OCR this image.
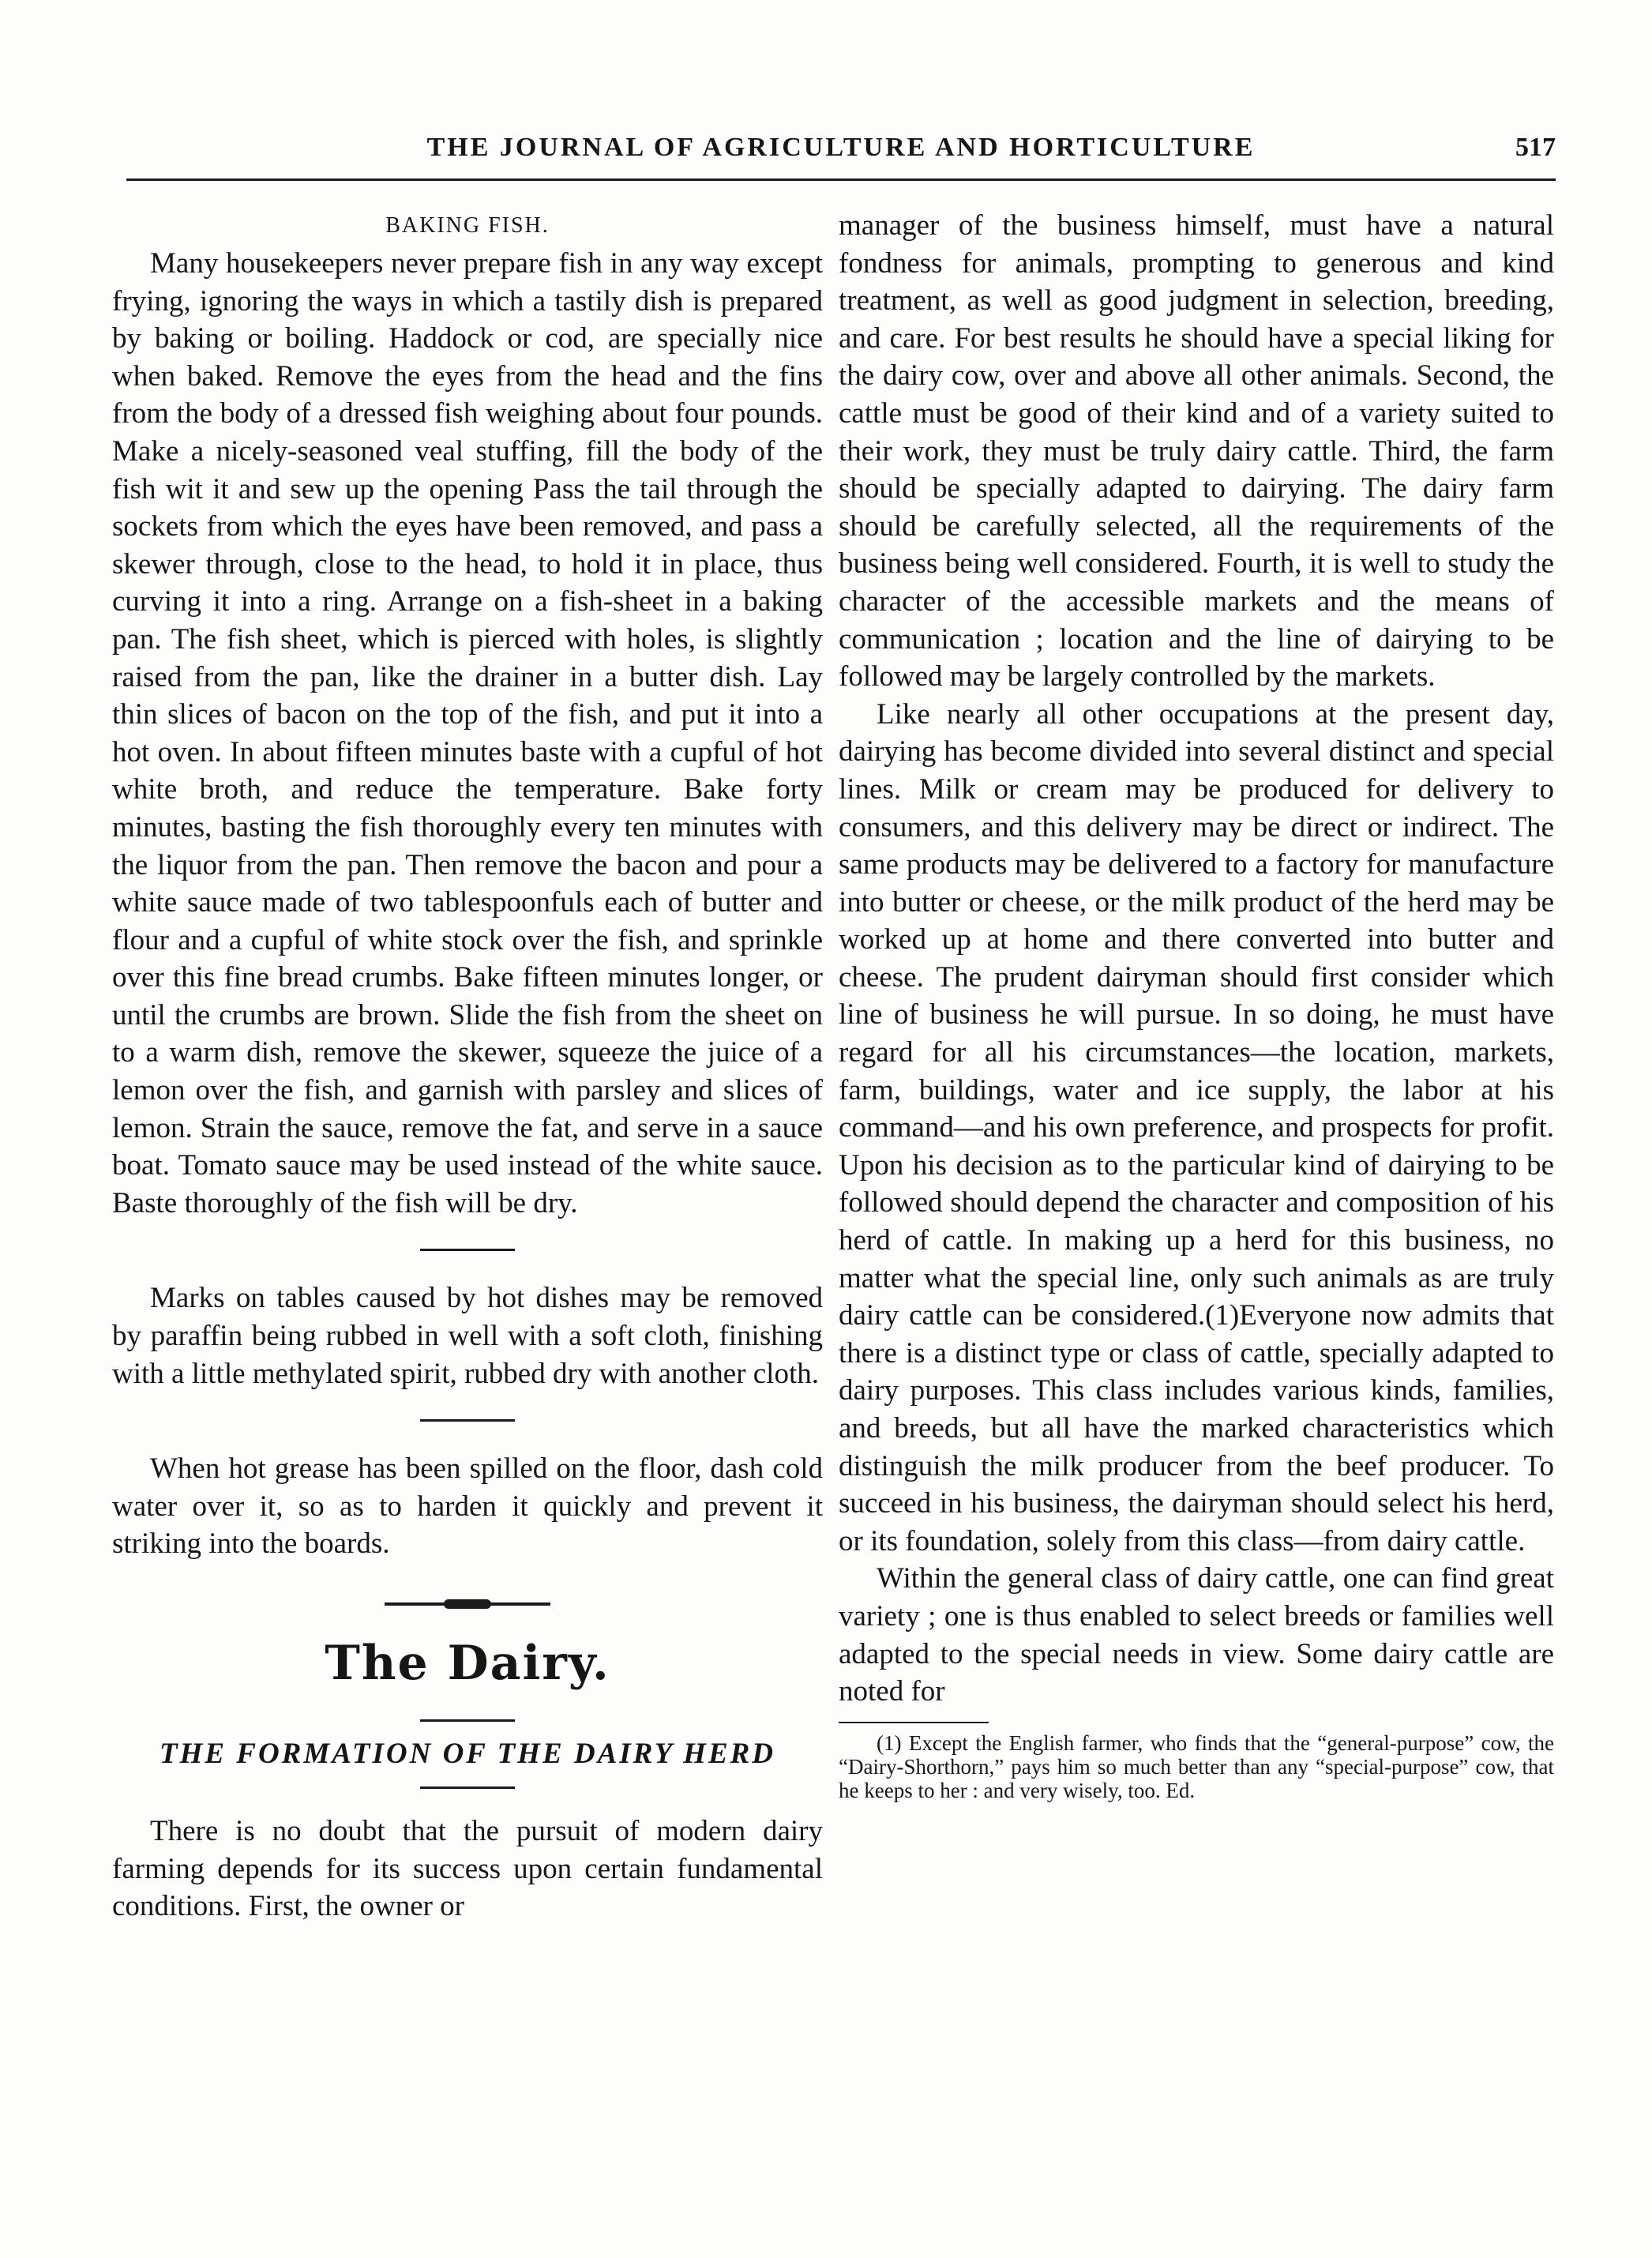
THE JOURNAL OF AGRICULTURE AND HORTICULTURE	517

BAKING FISH.

Many housekeepers never prepare fish in any way except frying, ignoring the ways in which a tastily dish is prepared by baking or boiling. Haddock or cod, are specially nice when baked. Remove the eyes from the head and the fins from the body of a dressed fish weighing about four pounds. Make a nicely-seasoned veal stuffing, fill the body of the fish wit it and sew up the opening Pass the tail through the sockets from which the eyes have been removed, and pass a skewer through, close to the head, to hold it in place, thus curving it into a ring. Arrange on a fish-sheet in a baking pan. The fish sheet, which is pierced with holes, is slightly raised from the pan, like the drainer in a butter dish. Lay thin slices of bacon on the top of the fish, and put it into a hot oven. In about fifteen minutes baste with a cupful of hot white broth, and reduce the temperature. Bake forty minutes, basting the fish thoroughly every ten minutes with the liquor from the pan. Then remove the bacon and pour a white sauce made of two tablespoonfuls each of butter and flour and a cupful of white stock over the fish, and sprinkle over this fine bread crumbs. Bake fifteen minutes longer, or until the crumbs are brown. Slide the fish from the sheet on to a warm dish, remove the skewer, squeeze the juice of a lemon over the fish, and garnish with parsley and slices of lemon. Strain the sauce, remove the fat, and serve in a sauce boat. Tomato sauce may be used instead of the white sauce. Baste thoroughly of the fish will be dry.

Marks on tables caused by hot dishes may be removed by paraffin being rubbed in well with a soft cloth, finishing with a little methylated spirit, rubbed dry with another cloth.

When hot grease has been spilled on the floor, dash cold water over it, so as to harden it quickly and prevent it striking into the boards.

The Dairy.
THE FORMATION OF THE DAIRY HERD

There is no doubt that the pursuit of modern dairy farming depends for its success upon certain fundamental conditions. First, the owner or

manager of the business himself, must have a natural fondness for animals, prompting to generous and kind treatment, as well as good judgment in selection, breeding, and care. For best results he should have a special liking for the dairy cow, over and above all other animals. Second, the cattle must be good of their kind and of a variety suited to their work, they must be truly dairy cattle. Third, the farm should be specially adapted to dairying. The dairy farm should be carefully selected, all the requirements of the business being well considered. Fourth, it is well to study the character of the accessible markets and the means of communication ; location and the line of dairying to be followed may be largely controlled by the markets.

Like nearly all other occupations at the present day, dairying has become divided into several distinct and special lines. Milk or cream may be produced for delivery to consumers, and this delivery may be direct or indirect. The same products may be delivered to a factory for manufacture into butter or cheese, or the milk product of the herd may be worked up at home and there converted into butter and cheese. The prudent dairyman should first consider which line of business he will pursue. In so doing, he must have regard for all his circumstances—the location, markets, farm, buildings, water and ice supply, the labor at his command—and his own preference, and prospects for profit. Upon his decision as to the particular kind of dairying to be followed should depend the character and composition of his herd of cattle. In making up a herd for this business, no matter what the special line, only such animals as are truly dairy cattle can be considered.(1)Everyone now admits that there is a distinct type or class of cattle, specially adapted to dairy purposes. This class includes various kinds, families, and breeds, but all have the marked characteristics which distinguish the milk producer from the beef producer. To succeed in his business, the dairyman should select his herd, or its foundation, solely from this class—from dairy cattle.

Within the general class of dairy cattle, one can find great variety ; one is thus enabled to select breeds or families well adapted to the special needs in view. Some dairy cattle are noted for

(1) Except the English farmer, who finds that the “general-purpose” cow, the “Dairy-Shorthorn,” pays him so much better than any “special-purpose” cow, that he keeps to her : and very wisely, too. Ed.
